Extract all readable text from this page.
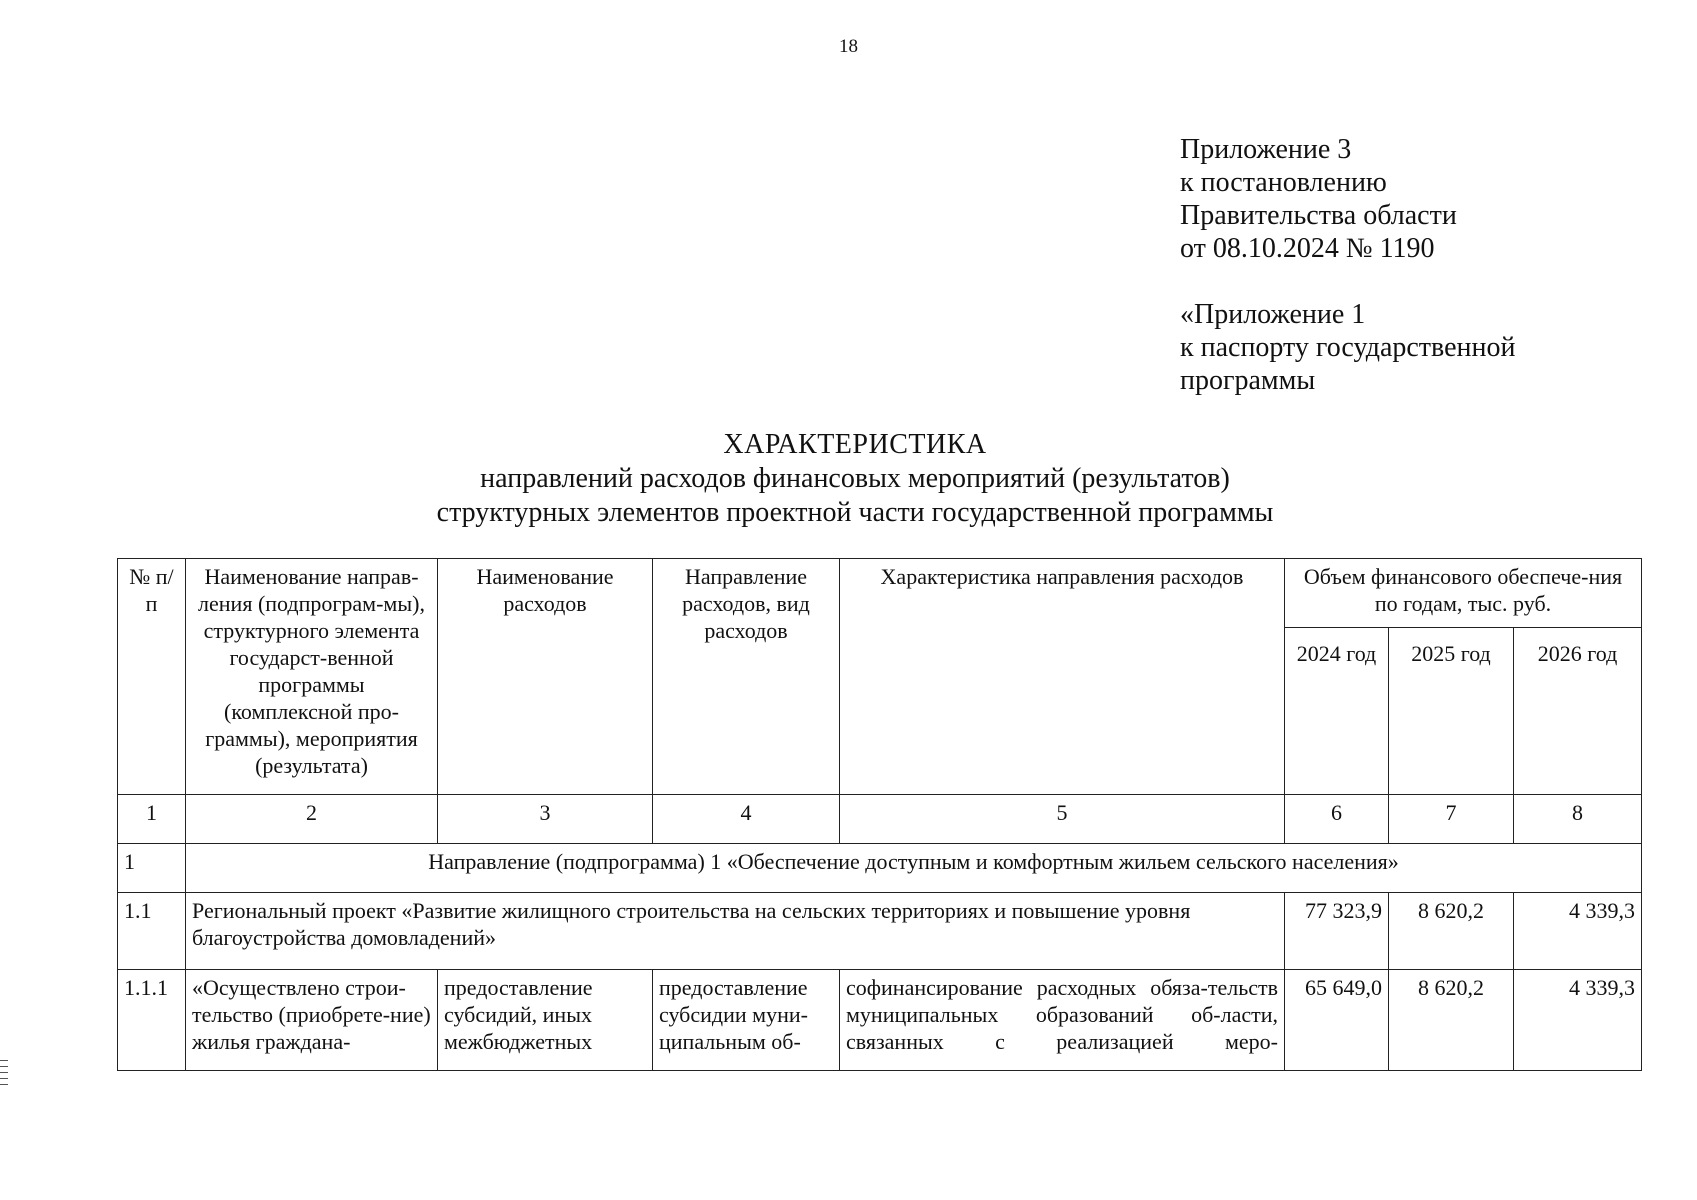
18
Приложение 3
к постановлению
Правительства области
от 08.10.2024 № 1190
«Приложение 1
к паспорту государственной
программы
ХАРАКТЕРИСТИКА
направлений расходов финансовых мероприятий (результатов)
структурных элементов проектной части государственной программы
№ п/п	Наименование направ-ления (подпрограм-мы), структурного элемента государст-венной программы (комплексной про-граммы), мероприятия (результата)	Наименование расходов	Направление расходов, вид расходов	Характеристика направления расходов	Объем финансового обеспече-ния по годам, тыс. руб.		
					2024 год	2025 год	2026 год
1	2	3	4	5	6	7	8
1	Направление (подпрограмма) 1 «Обеспечение доступным и комфортным жильем сельского населения»						
1.1	Региональный проект «Развитие жилищного строительства на сельских территориях и повышение уровня благоустройства домовладений»				77 323,9	8 620,2	4 339,3
1.1.1	«Осуществлено строи-тельство (приобрете-ние) жилья граждана-	предоставление субсидий, иных межбюджетных	предоставление субсидии муни-ципальным об-	софинансирование расходных обяза-тельств муниципальных образований об-ласти, связанных с реализацией меро-	65 649,0	8 620,2	4 339,3
